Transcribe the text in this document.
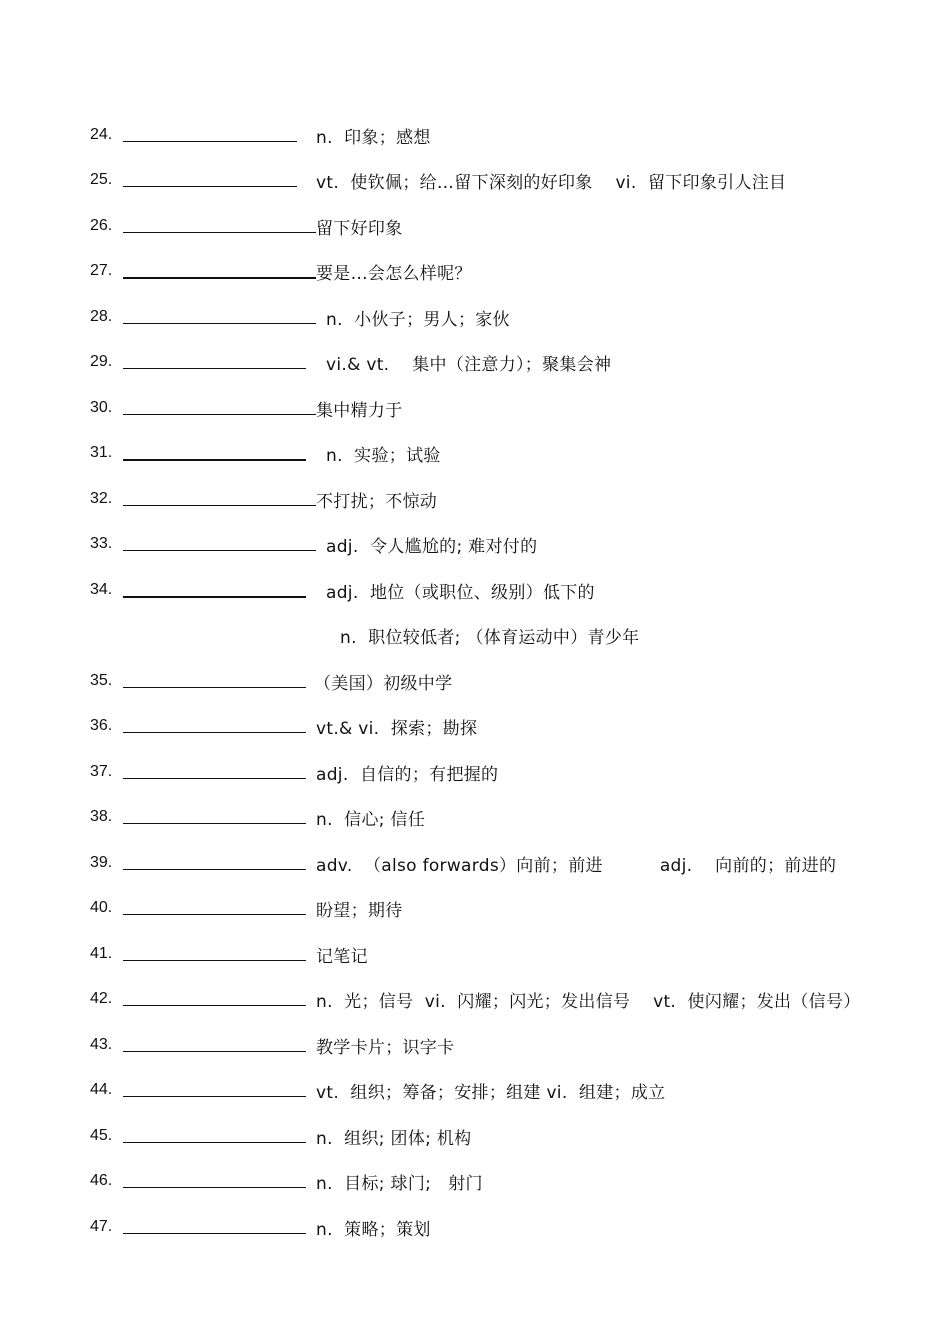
24.	n.  印象；感想
25.	vt.  使钦佩；给…留下深刻的好印象    vi.  留下印象引人注目
26.	留下好印象
27.	要是…会怎么样呢？
28.	n.  小伙子；男人；家伙
29.	vi.& vt.    集中（注意力）；聚集会神
30.	集中精力于
31.	n.  实验；试验
32.	不打扰；不惊动
33.	adj.  令人尴尬的; 难对付的
34.	adj.  地位（或职位、级别）低下的
n.  职位较低者; （体育运动中）青少年
35.	（美国）初级中学
36.	vt.& vi.  探索；勘探
37.	adj.  自信的；有把握的
38.	n.  信心; 信任
39.	adv.  （also forwards）向前；前进          adj.    向前的；前进的
40.	盼望；期待
41.	记笔记
42.	n.  光；信号  vi.  闪耀；闪光；发出信号    vt.  使闪耀；发出（信号）
43.	教学卡片；识字卡
44.	vt.  组织；筹备；安排；组建 vi.  组建；成立
45.	n.  组织; 团体; 机构
46.	n.  目标; 球门;   射门
47.	n.  策略；策划
